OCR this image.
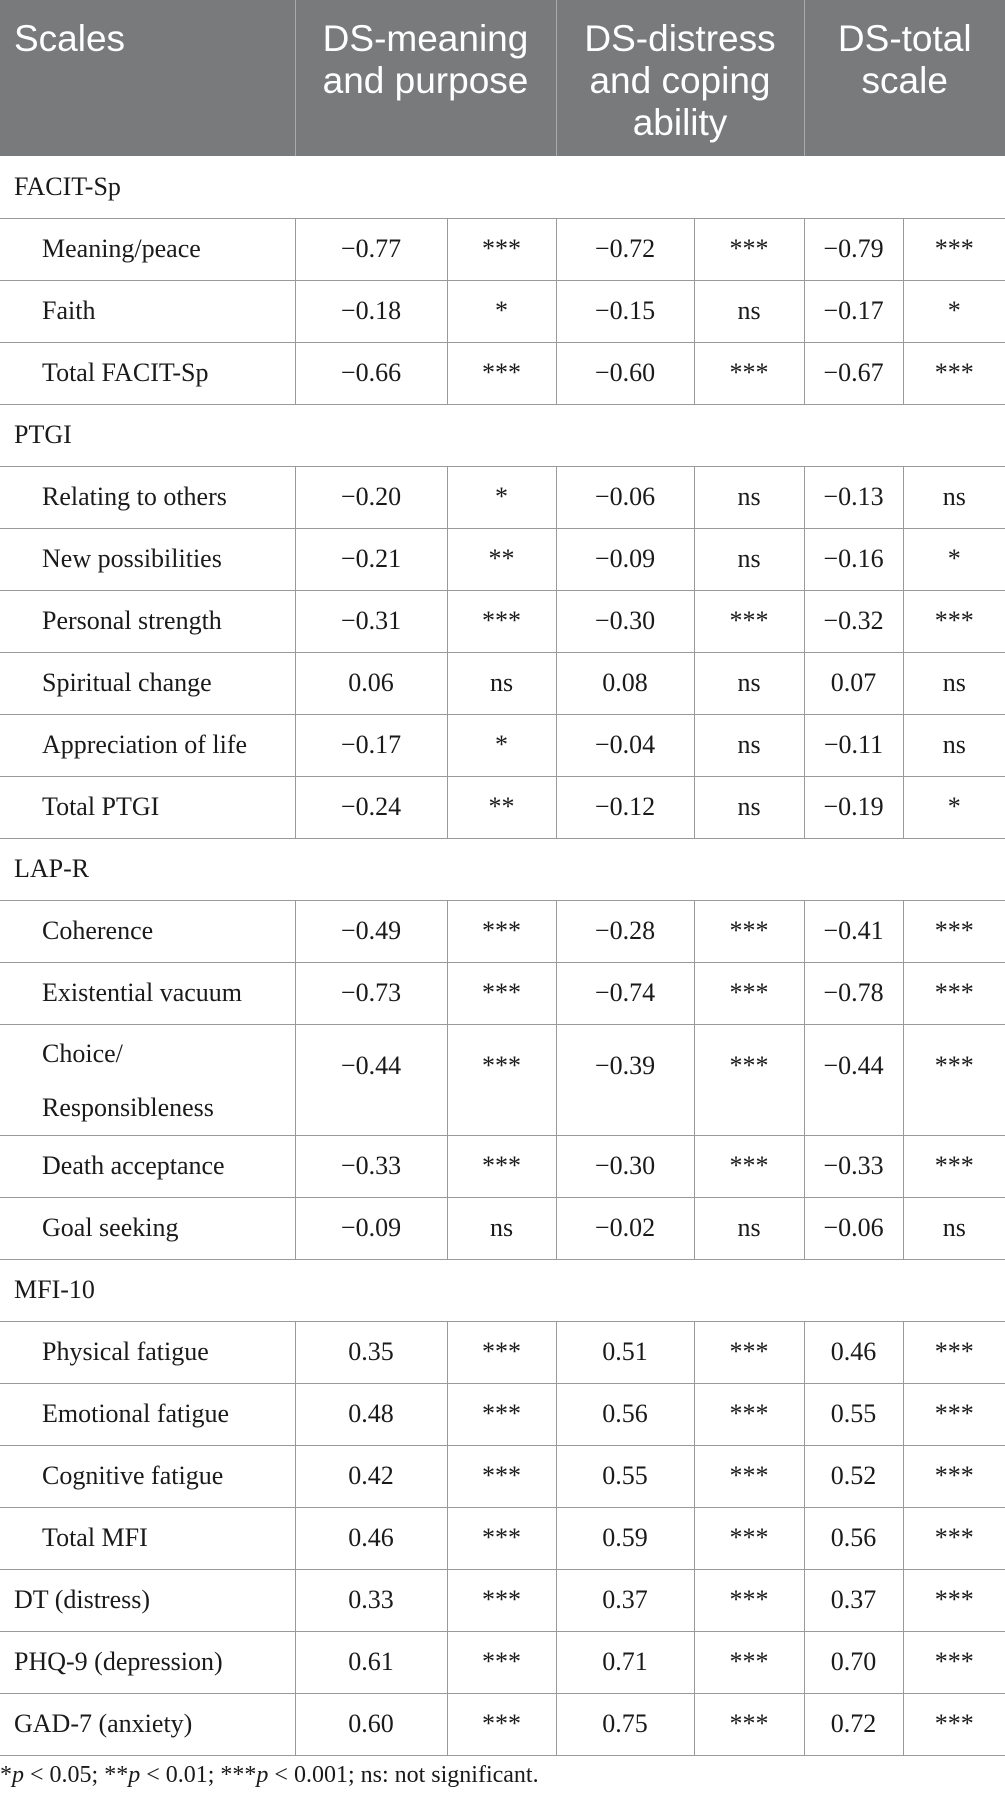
Scales	DS-meaning and purpose		DS-distress and coping ability		DS-total scale	
FACIT-Sp						
Meaning/peace	−0.77	***	−0.72	***	−0.79	***
Faith	−0.18	*	−0.15	ns	−0.17	*
Total FACIT-Sp	−0.66	***	−0.60	***	−0.67	***
PTGI						
Relating to others	−0.20	*	−0.06	ns	−0.13	ns
New possibilities	−0.21	**	−0.09	ns	−0.16	*
Personal strength	−0.31	***	−0.30	***	−0.32	***
Spiritual change	0.06	ns	0.08	ns	0.07	ns
Appreciation of life	−0.17	*	−0.04	ns	−0.11	ns
Total PTGI	−0.24	**	−0.12	ns	−0.19	*
LAP-R						
Coherence	−0.49	***	−0.28	***	−0.41	***
Existential vacuum	−0.73	***	−0.74	***	−0.78	***
Choice/
Responsibleness	−0.44	***	−0.39	***	−0.44	***
Death acceptance	−0.33	***	−0.30	***	−0.33	***
Goal seeking	−0.09	ns	−0.02	ns	−0.06	ns
MFI-10						
Physical fatigue	0.35	***	0.51	***	0.46	***
Emotional fatigue	0.48	***	0.56	***	0.55	***
Cognitive fatigue	0.42	***	0.55	***	0.52	***
Total MFI	0.46	***	0.59	***	0.56	***
DT (distress)	0.33	***	0.37	***	0.37	***
PHQ-9 (depression)	0.61	***	0.71	***	0.70	***
GAD-7 (anxiety)	0.60	***	0.75	***	0.72	***
*p < 0.05; **p < 0.01; ***p < 0.001; ns: not significant.
